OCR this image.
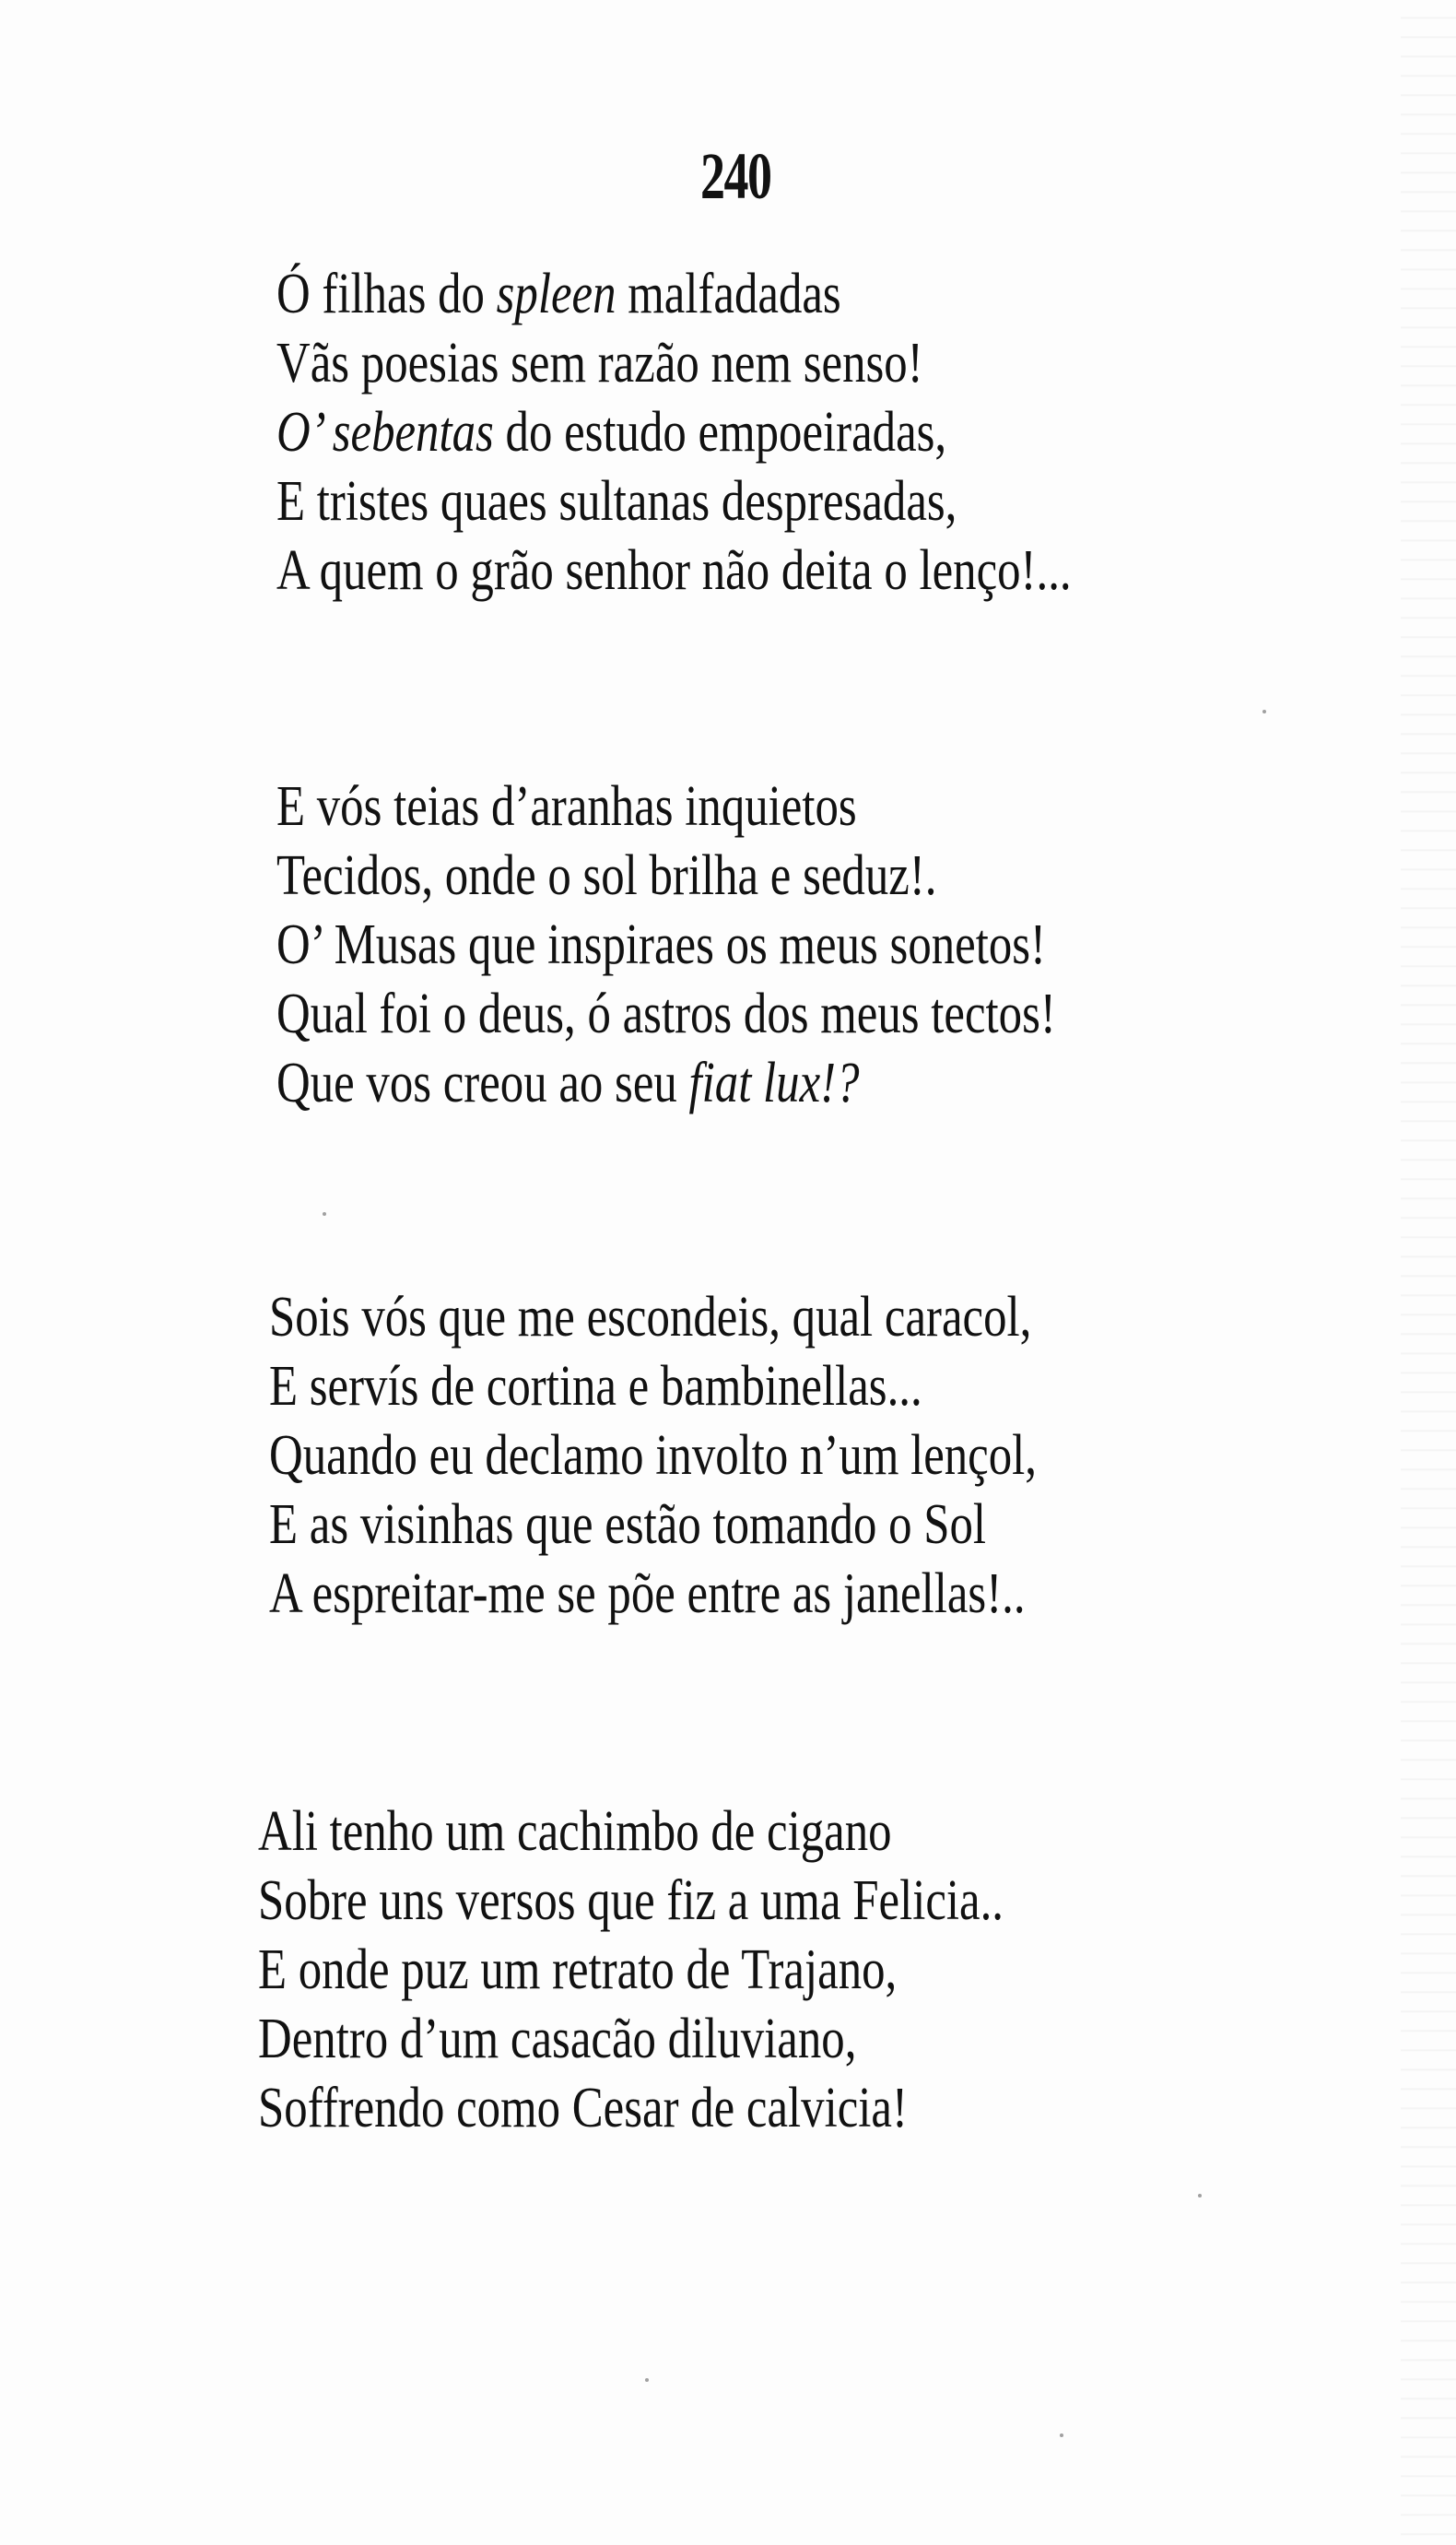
240
Ó filhas do spleen malfadadas
Vãs poesias sem razão nem senso!
O’ sebentas do estudo empoeiradas,
E tristes quaes sultanas despresadas,
A quem o grão senhor não deita o lenço!...
E vós teias d’aranhas inquietos
Tecidos, onde o sol brilha e seduz!.
O’ Musas que inspiraes os meus sonetos!
Qual foi o deus, ó astros dos meus tectos!
Que vos creou ao seu fiat lux!?
Sois vós que me escondeis, qual caracol,
E servís de cortina e bambinellas...
Quando eu declamo involto n’um lençol,
E as visinhas que estão tomando o Sol
A espreitar-me se põe entre as janellas!..
Ali tenho um cachimbo de cigano
Sobre uns versos que fiz a uma Felicia..
E onde puz um retrato de Trajano,
Dentro d’um casacão diluviano,
Soffrendo como Cesar de calvicia!
